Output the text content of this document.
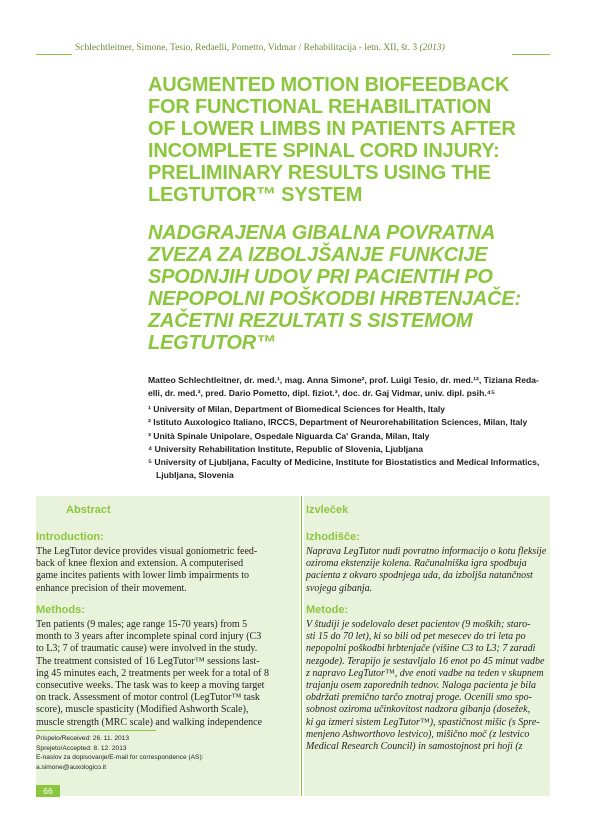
Schlechtleitner, Simone, Tesio, Redaelli, Pometto, Vidmar / Rehabilitacija - letn. XII, št. 3 (2013)
AUGMENTED MOTION BIOFEEDBACK
FOR FUNCTIONAL REHABILITATION
OF LOWER LIMBS IN PATIENTS AFTER
INCOMPLETE SPINAL CORD INJURY:
PRELIMINARY RESULTS USING THE
LEGTUTOR™ SYSTEM
NADGRAJENA GIBALNA POVRATNA
ZVEZA ZA IZBOLJŠANJE FUNKCIJE
SPODNJIH UDOV PRI PACIENTIH PO
NEPOPOLNI POŠKODBI HRBTENJAČE:
ZAČETNI REZULTATI S SISTEMOM
LEGTUTOR™
Matteo Schlechtleitner, dr. med.¹, mag. Anna Simone², prof. Luigi Tesio, dr. med.¹², Tiziana Reda-
elli, dr. med.³, pred. Dario Pometto, dipl. fiziot.³, doc. dr. Gaj Vidmar, univ. dipl. psih.⁴⁵
¹ University of Milan, Department of Biomedical Sciences for Health, Italy
² Istituto Auxologico Italiano, IRCCS, Department of Neurorehabilitation Sciences, Milan, Italy
³ Unità Spinale Unipolare, Ospedale Niguarda Ca' Granda, Milan, Italy
⁴ University Rehabilitation Institute, Republic of Slovenia, Ljubljana
⁵ University of Ljubljana, Faculty of Medicine, Institute for Biostatistics and Medical Informatics,
Ljubljana, Slovenia
Abstract
Introduction:
The LegTutor device provides visual goniometric feed-
back of knee flexion and extension. A computerised
game incites patients with lower limb impairments to
enhance precision of their movement.
Methods:
Ten patients (9 males; age range 15-70 years) from 5
month to 3 years after incomplete spinal cord injury (C3
to L3; 7 of traumatic cause) were involved in the study.
The treatment consisted of 16 LegTutor™ sessions last-
ing 45 minutes each, 2 treatments per week for a total of 8
consecutive weeks. The task was to keep a moving target
on track. Assessment of motor control (LegTutor™ task
score), muscle spasticity (Modified Ashworth Scale),
muscle strength (MRC scale) and walking independence
Izvleček
Izhodišče:
Naprava LegTutor nudi povratno informacijo o kotu fleksije
oziroma ekstenzije kolena. Računalniška igra spodbuja
pacienta z okvaro spodnjega uda, da izboljša natančnost
svojega gibanja.
Metode:
V študiji je sodelovalo deset pacientov (9 moških; staro-
sti 15 do 70 let), ki so bili od pet mesecev do tri leta po
nepopolni poškodbi hrbtenjače (višine C3 to L3; 7 zaradi
nezgode). Terapijo je sestavljalo 16 enot po 45 minut vadbe
z napravo LegTutor™, dve enoti vadbe na teden v skupnem
trajanju osem zaporednih tednov. Naloga pacienta je bila
obdržati premično tarčo znotraj proge. Ocenili smo spo-
sobnost oziroma učinkovitost nadzora gibanja (dosežek,
ki ga izmeri sistem LegTutor™), spastičnost mišic (s Spre-
menjeno Ashworthovo lestvico), mišično moč (z lestvico
Medical Research Council) in samostojnost pri hoji (z
Prispelo/Received: 26. 11. 2013
Sprejeto/Accepted: 8. 12. 2013
E-naslov za dopisovanje/E-mail for correspondence (AS):
a.simone@auxologico.it
66
